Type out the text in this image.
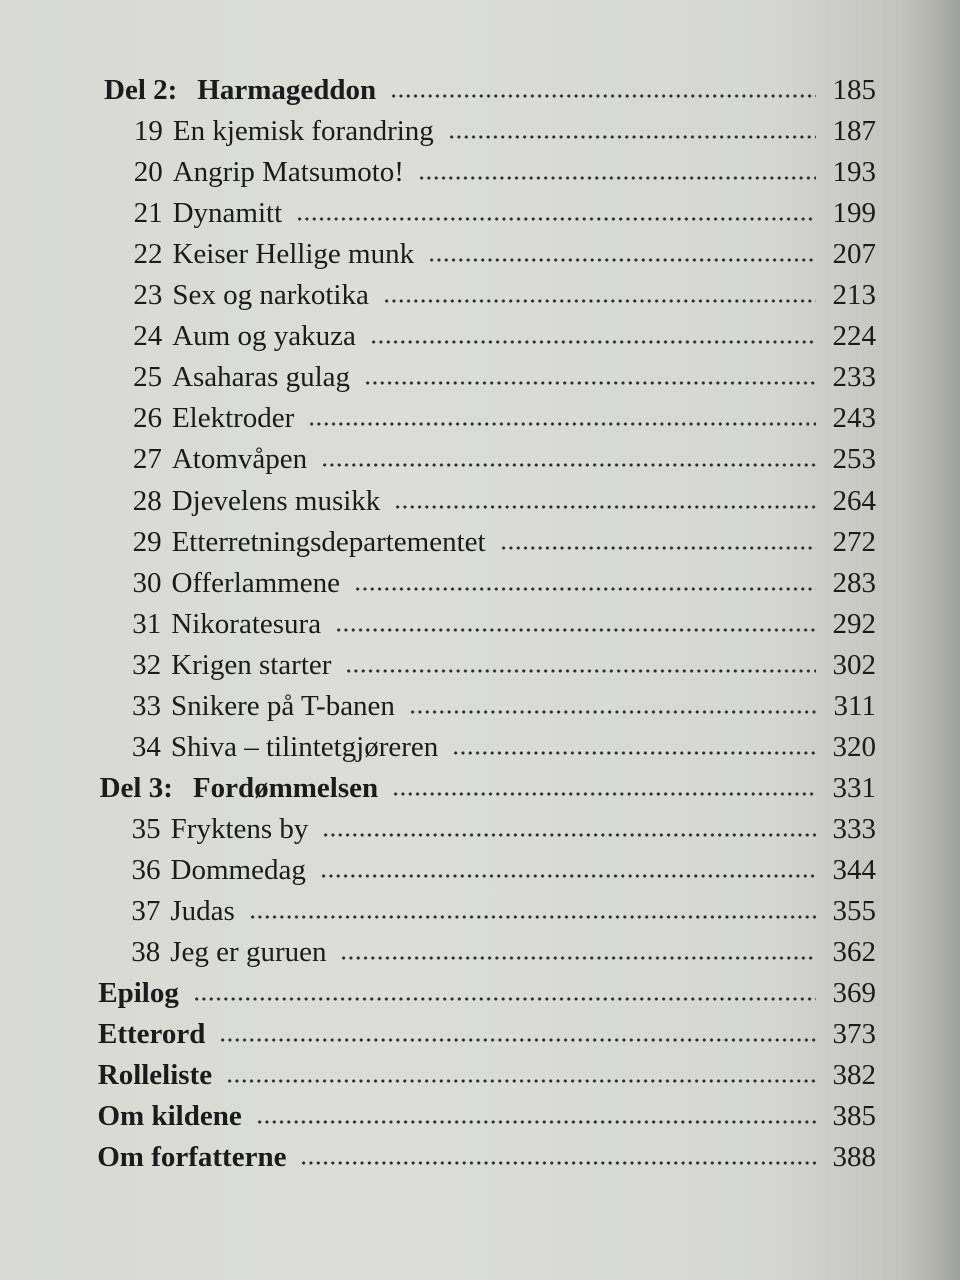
Del 2: Harmageddon	185
19 En kjemisk forandring	187
20 Angrip Matsumoto!	193
21 Dynamitt	199
22 Keiser Hellige munk	207
23 Sex og narkotika	213
24 Aum og yakuza	224
25 Asaharas gulag	233
26 Elektroder	243
27 Atomvåpen	253
28 Djevelens musikk	264
29 Etterretningsdepartementet	272
30 Offerlammene	283
31 Nikoratesura	292
32 Krigen starter	302
33 Snikere på T-banen	311
34 Shiva – tilintetgjøreren	320
Del 3: Fordømmelsen	331
35 Fryktens by	333
36 Dommedag	344
37 Judas	355
38 Jeg er guruen	362
Epilog	369
Etterord	373
Rolleliste	382
Om kildene	385
Om forfatterne	388
